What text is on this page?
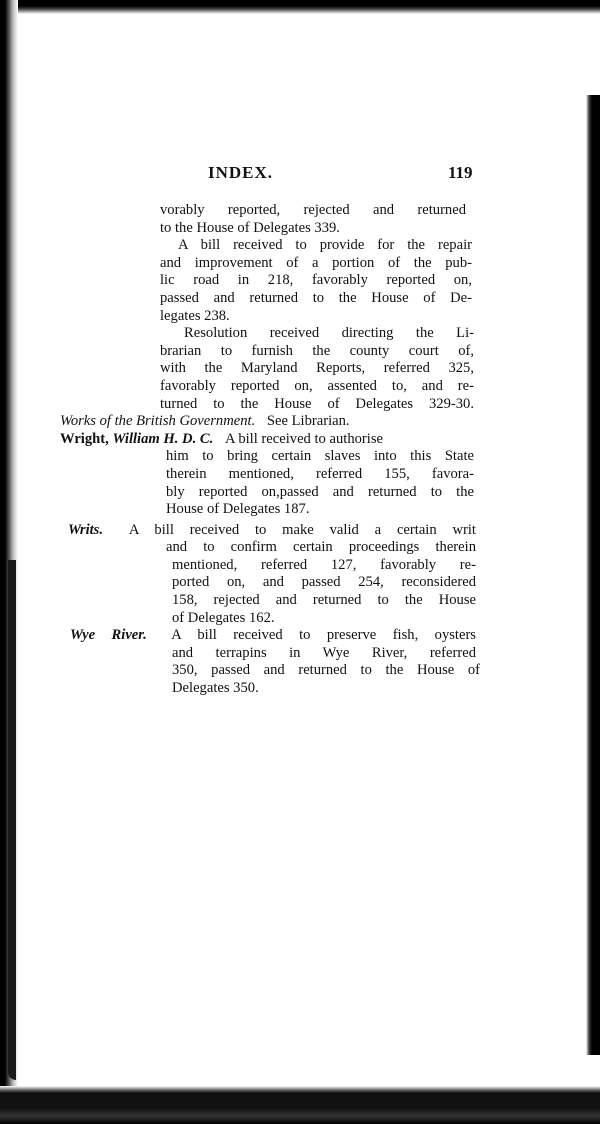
INDEX.	119
vorably reported, rejected and returned
to the House of Delegates 339.
A bill received to provide for the repair
and improvement of a portion of the pub-
lic road in 218, favorably reported on,
passed and returned to the House of De-
legates 238.
Resolution received directing the Li-
brarian to furnish the county court of,
with the Maryland Reports, referred 325,
favorably reported on, assented to, and re-
turned to the House of Delegates 329-30.
Works of the British Government. See Librarian.
Wright, William H. D. C. A bill received to authorise
him to bring certain slaves into this State
therein mentioned, referred 155, favora-
bly reported on,passed and returned to the
House of Delegates 187.
Writs. A bill received to make valid a certain writ
and to confirm certain proceedings therein
mentioned, referred 127, favorably re-
ported on, and passed 254, reconsidered
158, rejected and returned to the House
of Delegates 162.
Wye River. A bill received to preserve fish, oysters
and terrapins in Wye River, referred
350, passed and returned to the House of
Delegates 350.
